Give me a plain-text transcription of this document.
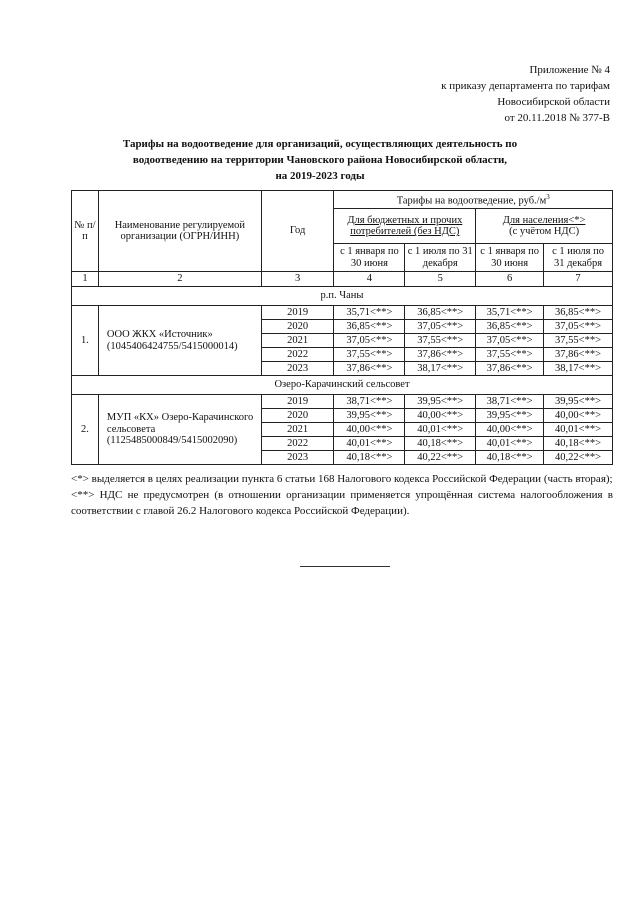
Приложение № 4
к приказу департамента по тарифам
Новосибирской области
от 20.11.2018 № 377-В
Тарифы на водоотведение для организаций, осуществляющих деятельность по
водоотведению на территории Чановского района Новосибирской области,
на 2019-2023 годы
№ п/п	Наименование регулируемой организации (ОГРН/ИНН)	Год	Тарифы на водоотведение, $руб./м^3$
			Для бюджетных и прочих потребителей (без НДС)		Для населения<*>
(с учётом НДС)	

			с 1 января по 30 июня	с 1 июля по 31 декабря	с 1 января по 30 июня	с 1 июля по 31 декабря
1	2	3	4	5	6	7
р.п. Чаны						
1.	ООО ЖКХ «Источник» (1045406424755/5415000014)	2019	35,71<**>	36,85<**>	35,71<**>	36,85<**>
		2020	36,85<**>	37,05<**>	36,85<**>	37,05<**>
		2021	37,05<**>	37,55<**>	37,05<**>	37,55<**>
		2022	37,55<**>	37,86<**>	37,55<**>	37,86<**>
		2023	37,86<**>	38,17<**>	37,86<**>	38,17<**>
Озеро-Карачинский сельсовет						
2.	МУП «КХ» Озеро-Карачинского сельсовета (1125485000849/5415002090)	2019	38,71<**>	39,95<**>	38,71<**>	39,95<**>
		2020	39,95<**>	40,00<**>	39,95<**>	40,00<**>
		2021	40,00<**>	40,01<**>	40,00<**>	40,01<**>
		2022	40,01<**>	40,18<**>	40,01<**>	40,18<**>
		2023	40,18<**>	40,22<**>	40,18<**>	40,22<**>

<*> выделяется в целях реализации пункта 6 статьи 168 Налогового кодекса Российской Федерации (часть вторая);

<**> НДС не предусмотрен (в отношении организации применяется упрощённая система налогообложения в соответствии с главой 26.2 Налогового кодекса Российской Федерации).
